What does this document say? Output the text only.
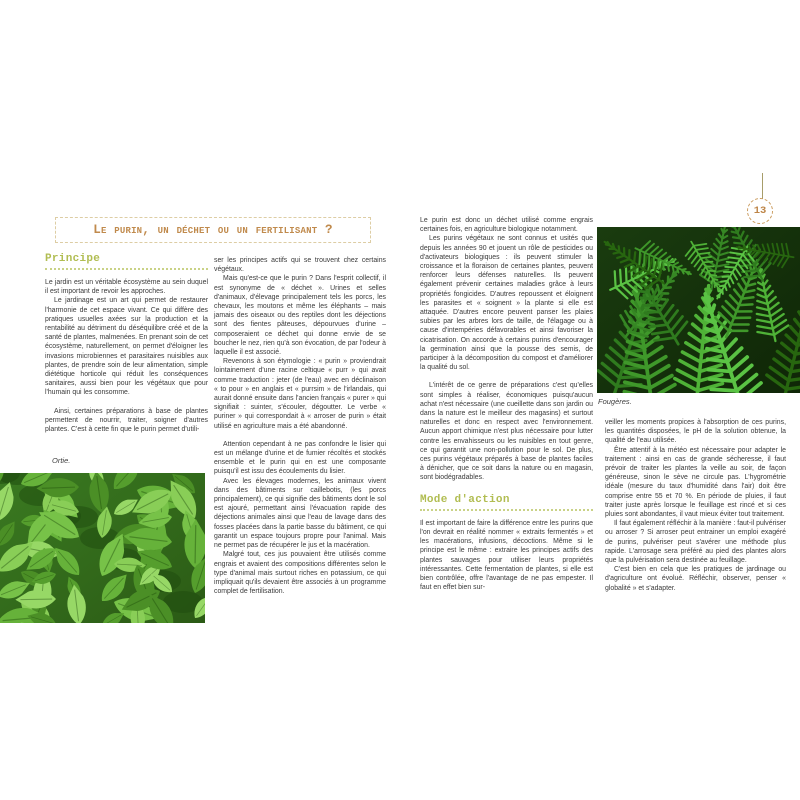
13
Le purin, un déchet ou un fertilisant ?
Principe

Le jardin est un véritable écosystème au sein duquel il est important de revoir les approches.

Le jardinage est un art qui permet de restaurer l'harmonie de cet espace vivant. Ce qui diffère des pratiques usuelles axées sur la production et la rentabilité au détriment du déséquilibre créé et de la santé de plantes, malmenées. En prenant soin de cet écosystème, naturellement, on permet d'éloigner les invasions microbiennes et parasitaires nuisibles aux plantes, de prendre soin de leur alimentation, simple diététique horticole qui réduit les conséquences sanitaires, aussi bien pour les végétaux que pour l'humain qui les consomme.

Ainsi, certaines préparations à base de plantes permettent de nourrir, traiter, soigner d'autres plantes. C'est à cette fin que le purin permet d'utili-

ser les principes actifs qui se trouvent chez certains végétaux.

Mais qu'est-ce que le purin ? Dans l'esprit collectif, il est synonyme de « déchet ». Urines et selles d'animaux, d'élevage principalement tels les porcs, les chevaux, les moutons et même les éléphants – mais jamais des oiseaux ou des reptiles dont les déjections sont des fientes pâteuses, dépourvues d'urine – composeraient ce déchet qui donne envie de se boucher le nez, rien qu'à son évocation, de par l'odeur à laquelle il est associé.

Revenons à son étymologie : « purin » proviendrait lointainement d'une racine celtique « purr » qui avait comme traduction : jeter (de l'eau) avec en déclinaison « to pour » en anglais et « purrsim » de l'irlandais, qui aurait donné ensuite dans l'ancien français « purer » qui signifiait : suinter, s'écouler, dégoutter. Le verbe « puriner » qui correspondait à « arroser de purin » était utilisé en agriculture mais a été abandonné.

Attention cependant à ne pas confondre le lisier qui est un mélange d'urine et de fumier récoltés et stockés ensemble et le purin qui en est une composante puisqu'il est issu des écoulements du lisier.

Avec les élevages modernes, les animaux vivent dans des bâtiments sur caillebotis, (les porcs principalement), ce qui signifie des bâtiments dont le sol est ajouré, permettant ainsi l'évacuation rapide des déjections animales ainsi que l'eau de lavage dans des fosses placées dans la partie basse du bâtiment, ce qui garantit un espace toujours propre pour l'animal. Mais ne permet pas de récupérer le jus et la macération.

Malgré tout, ces jus pouvaient être utilisés comme engrais et avaient des compositions différentes selon le type d'animal mais surtout riches en potassium, ce qui impliquait qu'ils devaient être associés à un programme complet de fertilisation.

Ortie.

Le purin est donc un déchet utilisé comme engrais certaines fois, en agriculture biologique notamment.

Les purins végétaux ne sont connus et usités que depuis les années 90 et jouent un rôle de pesticides ou d'activateurs biologiques : ils peuvent stimuler la croissance et la floraison de certaines plantes, peuvent renforcer leurs défenses naturelles. Ils peuvent également prévenir certaines maladies grâce à leurs propriétés fongicides. D'autres repoussent et éloignent les parasites et « soignent » la plante si elle est attaquée. D'autres encore peuvent panser les plaies subies par les arbres lors de taille, de l'élagage ou à cause d'intempéries défavorables et ainsi favoriser la cicatrisation. On accorde à certains purins d'encourager la germination ainsi que la pousse des semis, de participer à la décomposition du compost et d'améliorer la qualité du sol.

L'intérêt de ce genre de préparations c'est qu'elles sont simples à réaliser, économiques puisqu'aucun achat n'est nécessaire (une cueillette dans son jardin ou dans la nature est le meilleur des magasins) et surtout naturelles et donc en respect avec l'environnement. Aucun apport chimique n'est plus nécessaire pour lutter contre les envahisseurs ou les nuisibles en tout genre, ce qui garantit une non-pollution pour le sol. De plus, ces purins végétaux préparés à base de plantes faciles à dénicher, que ce soit dans la nature ou en magasin, sont biodégradables.

Mode d'action

Il est important de faire la différence entre les purins que l'on devrait en réalité nommer « extraits fermentés » et les macérations, infusions, décoctions. Même si le principe est le même : extraire les principes actifs des plantes sauvages pour utiliser leurs propriétés intéressantes. Cette fermentation de plantes, si elle est bien contrôlée, offre l'avantage de ne pas empester. Il faut en effet bien sur-

veiller les moments propices à l'absorption de ces purins, les quantités disposées, le pH de la solution obtenue, la qualité de l'eau utilisée.

Être attentif à la météo est nécessaire pour adapter le traitement : ainsi en cas de grande sécheresse, il faut prévoir de traiter les plantes la veille au soir, de façon généreuse, sinon le sève ne circule pas. L'hygrométrie idéale (mesure du taux d'humidité dans l'air) doit être comprise entre 55 et 70 %. En période de pluies, il faut traiter juste après lorsque le feuillage est rincé et si ces pluies sont abondantes, il vaut mieux éviter tout traitement.

Il faut également réfléchir à la manière : faut-il pulvériser ou arroser ? Si arroser peut entrainer un emploi exagéré de purins, pulvériser peut s'avérer une méthode plus rapide. L'arrosage sera préféré au pied des plantes alors que la pulvérisation sera destinée au feuillage.

C'est bien en cela que les pratiques de jardinage ou d'agriculture ont évolué. Réfléchir, observer, penser « globalité » et s'adapter.

Fougères.
